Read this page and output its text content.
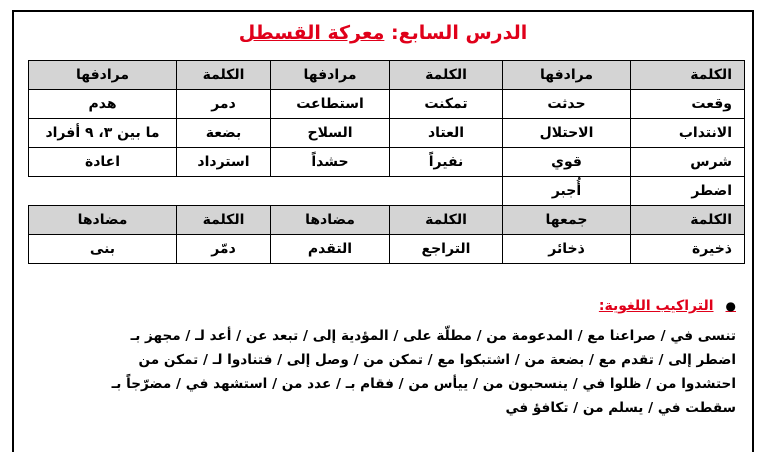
الدرس السابع: معركة القسطل
الكلمة	مرادفها	الكلمة	مرادفها	الكلمة	مرادفها
وقعت	حدثت	تمكنت	استطاعت	دمر	هدم
الانتداب	الاحتلال	العتاد	السلاح	بضعة	ما بين ٣، ٩ أفراد
شرس	قوي	نفيراً	حشداً	استرداد	اعادة
اضطر	أُجبر				
الكلمة	جمعها	الكلمة	مضادها	الكلمة	مضادها
ذخيرة	ذخائر	التراجع	التقدم	دمّر	بنى
●
التراكيب اللغوية:
تنسى في / صراعنا مع / المدعومة من / مطلّة على / المؤدية إلى / تبعد عن / أعد لـ / مجهز بـ
اضطر إلى / تقدم مع / بضعة من / اشتبكوا مع / تمكن من / وصل إلى / فتنادوا لـ / تمكن من
احتشدوا من / ظلوا في / ينسحبون من / ييأس من / فقام بـ / عدد من / استشهد في / مضرّجاً بـ
سقطت في / يسلم من / تكافؤ في
